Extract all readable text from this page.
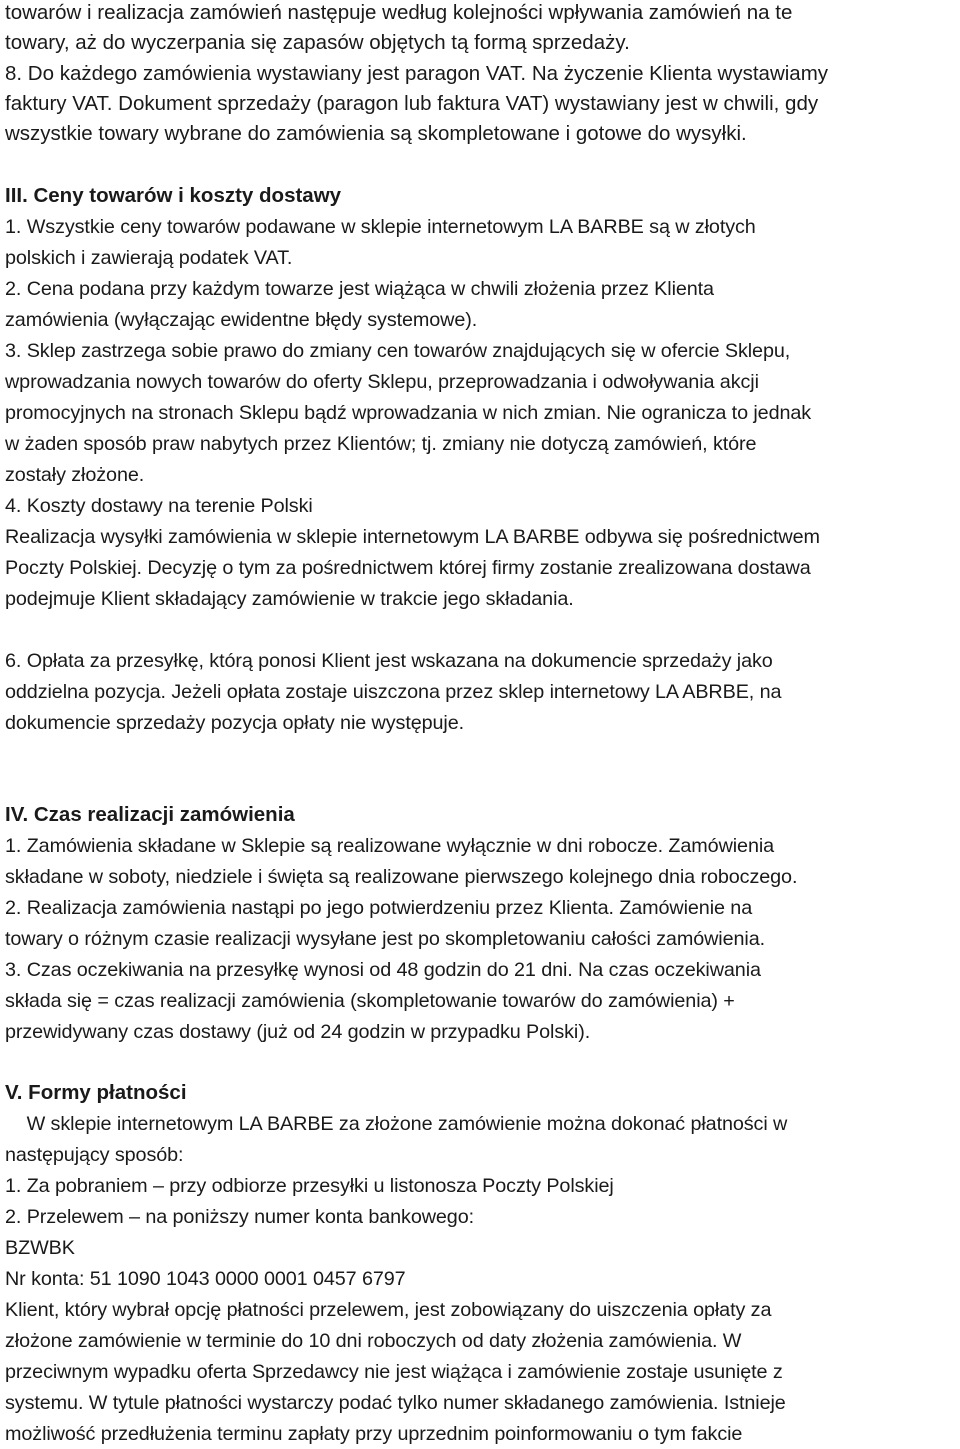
towarów i realizacja zamówień następuje według kolejności wpływania zamówień na te
towary, aż do wyczerpania się zapasów objętych tą formą sprzedaży.
8. Do każdego zamówienia wystawiany jest paragon VAT. Na życzenie Klienta wystawiamy
faktury VAT. Dokument sprzedaży (paragon lub faktura VAT) wystawiany jest w chwili, gdy
wszystkie towary wybrane do zamówienia są skompletowane i gotowe do wysyłki.
III. Ceny towarów i koszty dostawy
1. Wszystkie ceny towarów podawane w sklepie internetowym LA BARBE są w złotych
polskich i zawierają podatek VAT.
2. Cena podana przy każdym towarze jest wiążąca w chwili złożenia przez Klienta
zamówienia (wyłączając ewidentne błędy systemowe).
3. Sklep zastrzega sobie prawo do zmiany cen towarów znajdujących się w ofercie Sklepu,
wprowadzania nowych towarów do oferty Sklepu, przeprowadzania i odwoływania akcji
promocyjnych na stronach Sklepu bądź wprowadzania w nich zmian. Nie ogranicza to jednak
w żaden sposób praw nabytych przez Klientów; tj. zmiany nie dotyczą zamówień, które
zostały złożone.
4. Koszty dostawy na terenie Polski
Realizacja wysyłki zamówienia w sklepie internetowym LA BARBE odbywa się pośrednictwem
Poczty Polskiej. Decyzję o tym za pośrednictwem której firmy zostanie zrealizowana dostawa
podejmuje Klient składający zamówienie w trakcie jego składania.
6. Opłata za przesyłkę, którą ponosi Klient jest wskazana na dokumencie sprzedaży jako
oddzielna pozycja. Jeżeli opłata zostaje uiszczona przez sklep internetowy LA ABRBE, na
dokumencie sprzedaży pozycja opłaty nie występuje.
IV. Czas realizacji zamówienia
1. Zamówienia składane w Sklepie są realizowane wyłącznie w dni robocze. Zamówienia
składane w soboty, niedziele i święta są realizowane pierwszego kolejnego dnia roboczego.
2. Realizacja zamówienia nastąpi po jego potwierdzeniu przez Klienta. Zamówienie na
towary o różnym czasie realizacji wysyłane jest po skompletowaniu całości zamówienia.
3. Czas oczekiwania na przesyłkę wynosi od 48 godzin do 21 dni. Na czas oczekiwania
składa się = czas realizacji zamówienia (skompletowanie towarów do zamówienia) +
przewidywany czas dostawy (już od 24 godzin w przypadku Polski).
V. Formy płatności
W sklepie internetowym LA BARBE za złożone zamówienie można dokonać płatności w
następujący sposób:
1. Za pobraniem – przy odbiorze przesyłki u listonosza Poczty Polskiej
2. Przelewem – na poniższy numer konta bankowego:
BZWBK
Nr konta: 51 1090 1043 0000 0001 0457 6797
Klient, który wybrał opcję płatności przelewem, jest zobowiązany do uiszczenia opłaty za
złożone zamówienie w terminie do 10 dni roboczych od daty złożenia zamówienia. W
przeciwnym wypadku oferta Sprzedawcy nie jest wiążąca i zamówienie zostaje usunięte z
systemu. W tytule płatności wystarczy podać tylko numer składanego zamówienia. Istnieje
możliwość przedłużenia terminu zapłaty przy uprzednim poinformowaniu o tym fakcie
